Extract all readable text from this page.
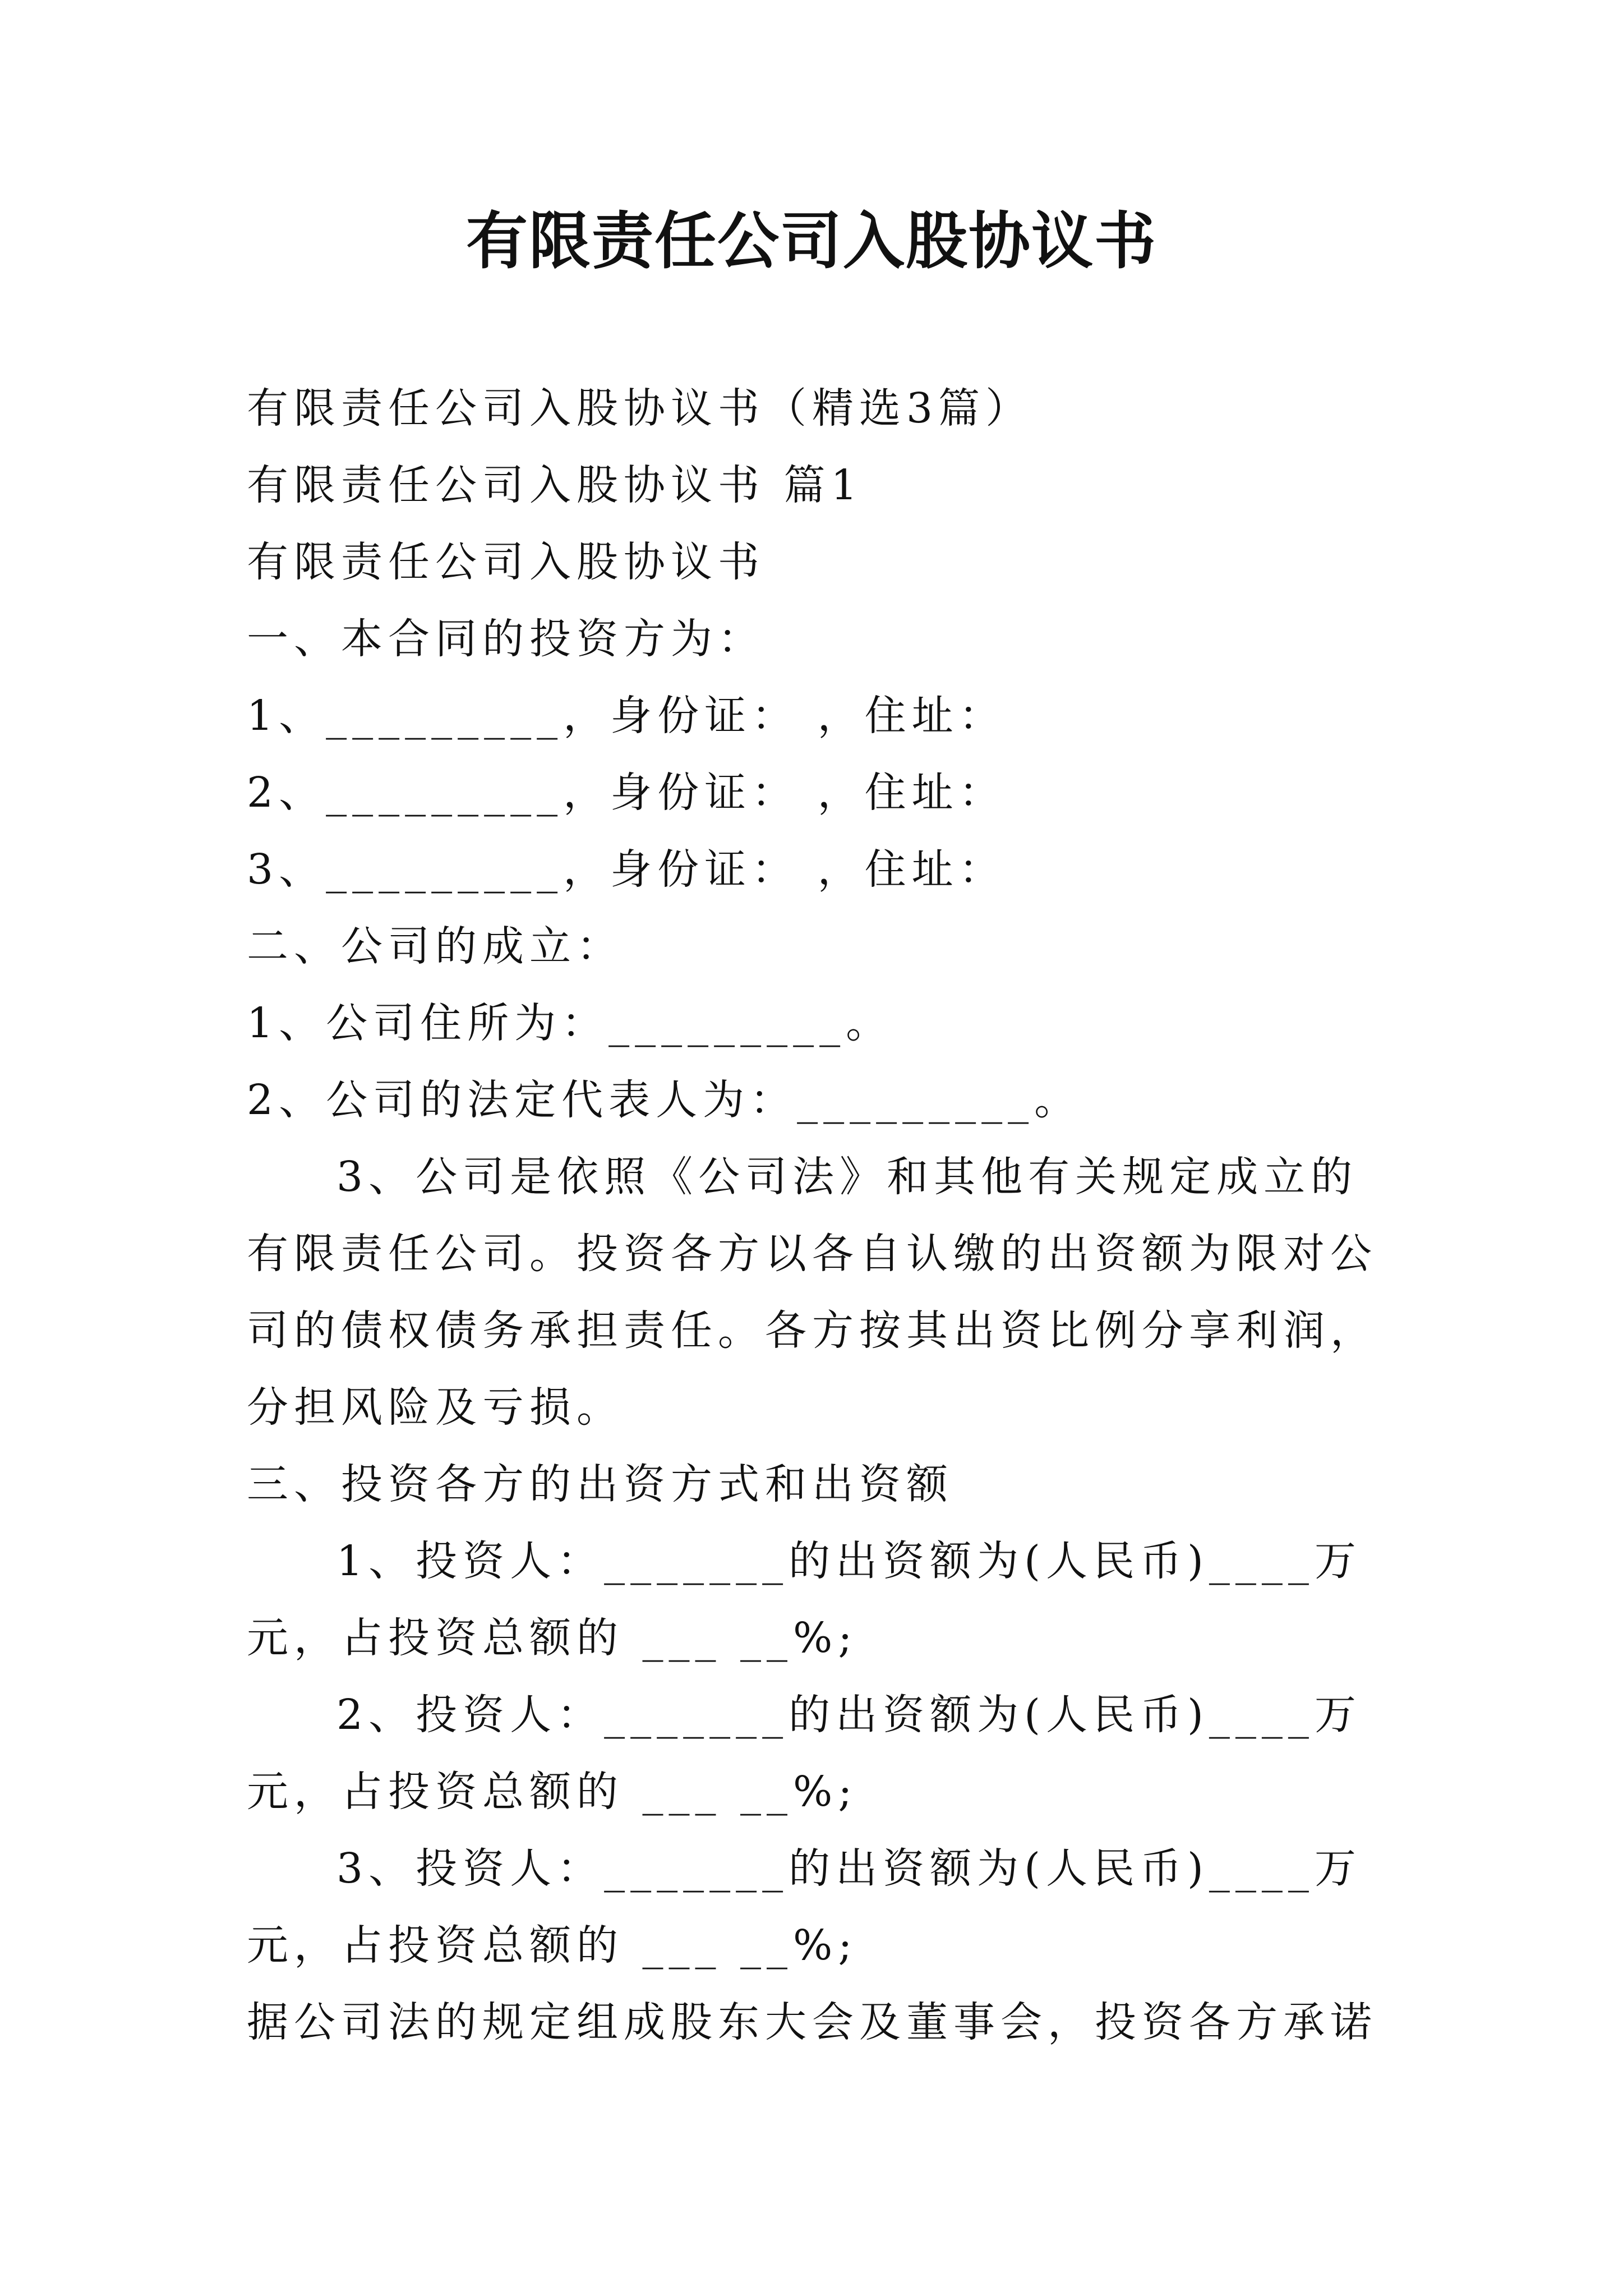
有限责任公司入股协议书

有限责任公司入股协议书（精选3篇）

有限责任公司入股协议书 篇1

有限责任公司入股协议书

一、本合同的投资方为：

1、_________，身份证： ，住址：

2、_________，身份证： ，住址：

3、_________，身份证： ，住址：

二、公司的成立：

1、公司住所为：_________。

2、公司的法定代表人为：_________。

3、公司是依照《公司法》和其他有关规定成立的有限责任公司。投资各方以各自认缴的出资额为限对公司的债权债务承担责任。各方按其出资比例分享利润，分担风险及亏损。

三、投资各方的出资方式和出资额

1、投资人：_______的出资额为(人民币)____万元，占投资总额的 ___ __%;

2、投资人：_______的出资额为(人民币)____万元，占投资总额的 ___ __%;

3、投资人：_______的出资额为(人民币)____万元，占投资总额的 ___ __%;

据公司法的规定组成股东大会及董事会，投资各方承诺
